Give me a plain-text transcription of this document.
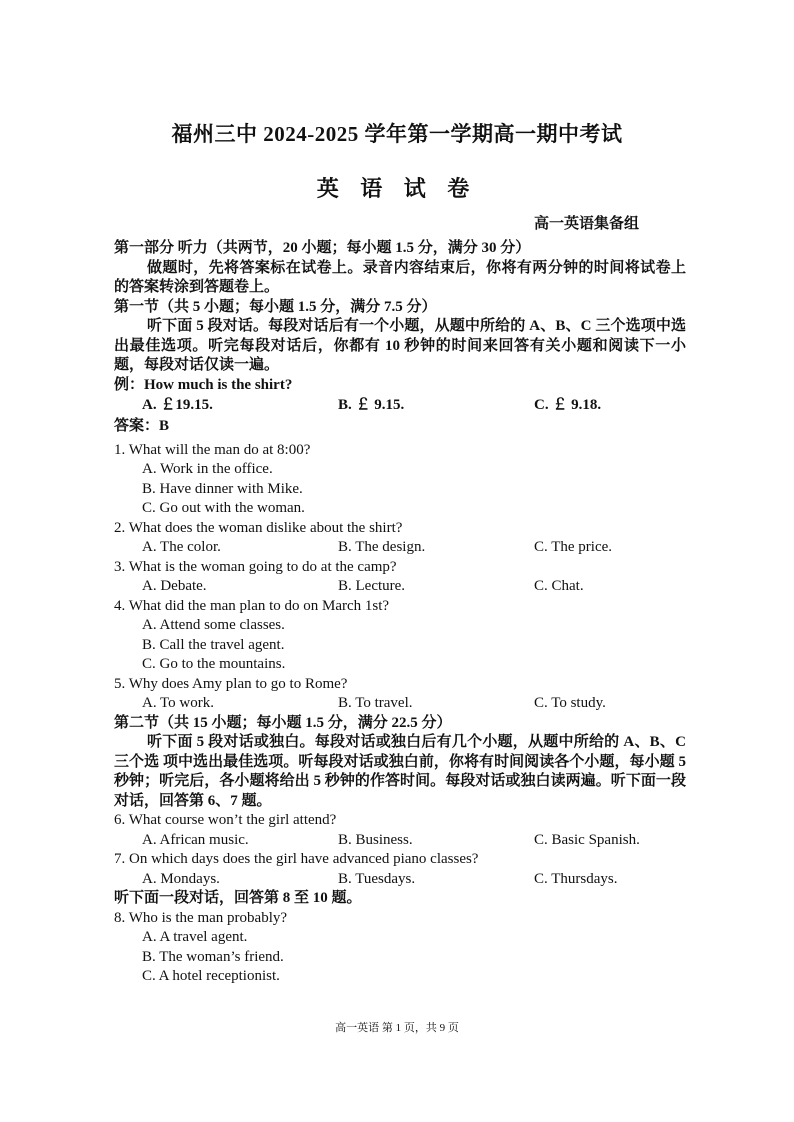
福州三中 2024-2025 学年第一学期高一期中考试
英 语 试 卷
高一英语集备组
第一部分 听力（共两节，20 小题；每小题 1.5 分，满分 30 分）
做题时，先将答案标在试卷上。录音内容结束后，你将有两分钟的时间将试卷上的答案转涂到答题卷上。
第一节（共 5 小题；每小题 1.5 分，满分 7.5 分）
听下面 5 段对话。每段对话后有一个小题，从题中所给的 A、B、C 三个选项中选出最佳选项。听完每段对话后，你都有 10 秒钟的时间来回答有关小题和阅读下一小题，每段对话仅读一遍。
例：How much is the shirt?
A. ￡19.15.	B. ￡ 9.15.	C. ￡ 9.18.
答案：B
1. What will the man do at 8:00?
A. Work in the office.
B. Have dinner with Mike.
C. Go out with the woman.
2. What does the woman dislike about the shirt?
A. The color.	B. The design.	C. The price.
3. What is the woman going to do at the camp?
A. Debate.	B. Lecture.	C. Chat.
4. What did the man plan to do on March 1st?
A. Attend some classes.
B. Call the travel agent.
C. Go to the mountains.
5. Why does Amy plan to go to Rome?
A. To work.	B. To travel.	C. To study.
第二节（共 15 小题；每小题 1.5 分，满分 22.5 分）
听下面 5 段对话或独白。每段对话或独白后有几个小题，从题中所给的 A、B、C 三个选 项中选出最佳选项。听每段对话或独白前，你将有时间阅读各个小题，每小题 5 秒钟；听完后，各小题将给出 5 秒钟的作答时间。每段对话或独白读两遍。听下面一段对话，回答第 6、7 题。
6. What course won’t the girl attend?
A. African music.	B. Business.	C. Basic Spanish.
7. On which days does the girl have advanced piano classes?
A. Mondays.	B. Tuesdays.	C. Thursdays.
听下面一段对话，回答第 8 至 10 题。
8. Who is the man probably?
A. A travel agent.
B. The woman’s friend.
C. A hotel receptionist.
高一英语 第 1 页，共 9 页
